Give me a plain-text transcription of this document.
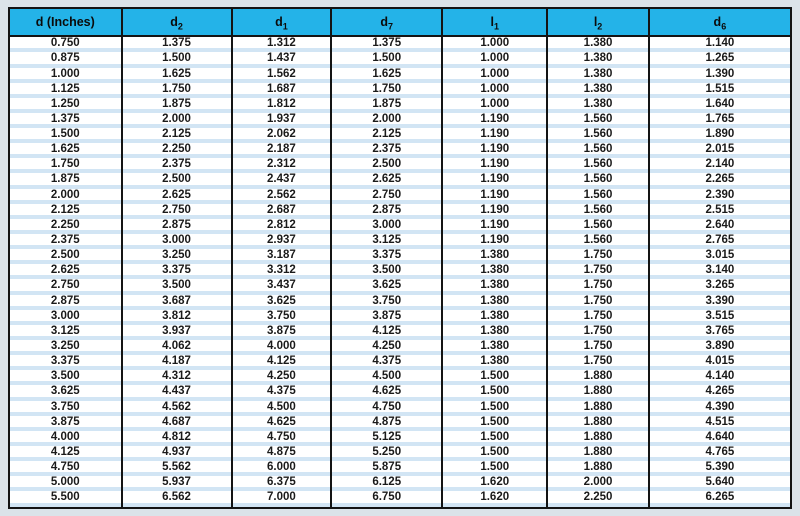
d (Inches)	$d_2$	$d_1$	$d_7$	$l_1$	$l_2$	$d_6$
0.750	1.375	1.312	1.375	1.000	1.380	1.140
0.875	1.500	1.437	1.500	1.000	1.380	1.265
1.000	1.625	1.562	1.625	1.000	1.380	1.390
1.125	1.750	1.687	1.750	1.000	1.380	1.515
1.250	1.875	1.812	1.875	1.000	1.380	1.640
1.375	2.000	1.937	2.000	1.190	1.560	1.765
1.500	2.125	2.062	2.125	1.190	1.560	1.890
1.625	2.250	2.187	2.375	1.190	1.560	2.015
1.750	2.375	2.312	2.500	1.190	1.560	2.140
1.875	2.500	2.437	2.625	1.190	1.560	2.265
2.000	2.625	2.562	2.750	1.190	1.560	2.390
2.125	2.750	2.687	2.875	1.190	1.560	2.515
2.250	2.875	2.812	3.000	1.190	1.560	2.640
2.375	3.000	2.937	3.125	1.190	1.560	2.765
2.500	3.250	3.187	3.375	1.380	1.750	3.015
2.625	3.375	3.312	3.500	1.380	1.750	3.140
2.750	3.500	3.437	3.625	1.380	1.750	3.265
2.875	3.687	3.625	3.750	1.380	1.750	3.390
3.000	3.812	3.750	3.875	1.380	1.750	3.515
3.125	3.937	3.875	4.125	1.380	1.750	3.765
3.250	4.062	4.000	4.250	1.380	1.750	3.890
3.375	4.187	4.125	4.375	1.380	1.750	4.015
3.500	4.312	4.250	4.500	1.500	1.880	4.140
3.625	4.437	4.375	4.625	1.500	1.880	4.265
3.750	4.562	4.500	4.750	1.500	1.880	4.390
3.875	4.687	4.625	4.875	1.500	1.880	4.515
4.000	4.812	4.750	5.125	1.500	1.880	4.640
4.125	4.937	4.875	5.250	1.500	1.880	4.765
4.750	5.562	6.000	5.875	1.500	1.880	5.390
5.000	5.937	6.375	6.125	1.620	2.000	5.640
5.500	6.562	7.000	6.750	1.620	2.250	6.265
